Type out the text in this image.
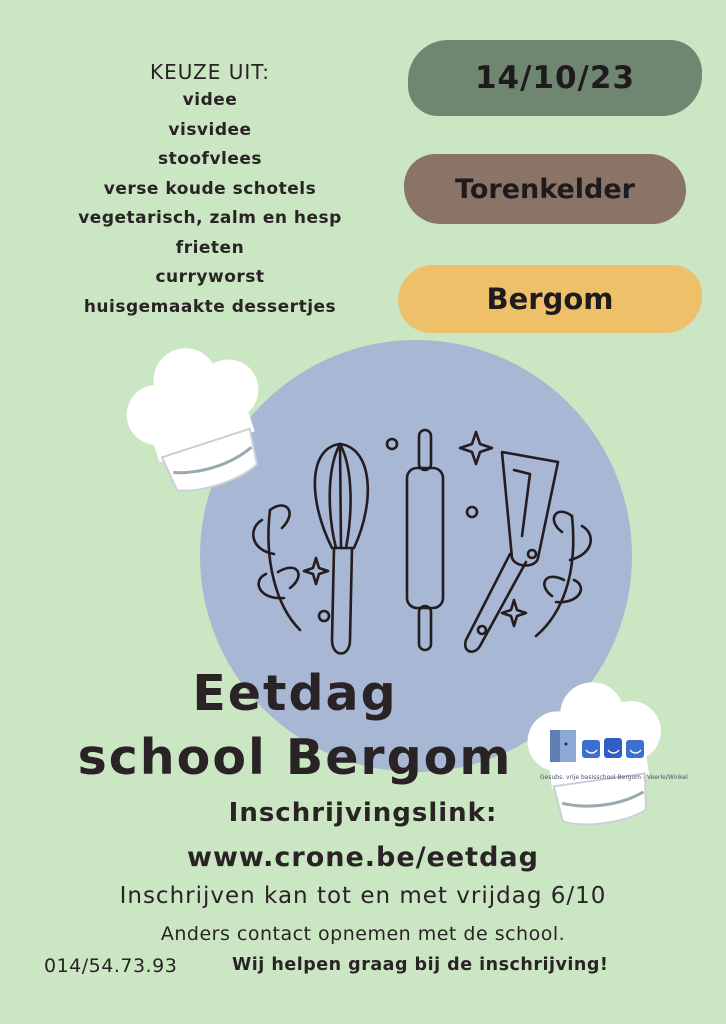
KEUZE UIT:
videe
visvidee
stoofvlees
verse koude schotels
vegetarisch, zalm en hesp
frieten
curryworst
huisgemaakte dessertjes
14/10/23
Torenkelder
Bergom
Gesubs. vrije basisschool Bergom - Veerle/Winkel
Eetdag
school Bergom
Inschrijvingslink:
www.crone.be/eetdag
Inschrijven kan tot en met vrijdag 6/10
Anders contact opnemen met de school.
014/54.73.93	Wij helpen graag bij de inschrijving!
